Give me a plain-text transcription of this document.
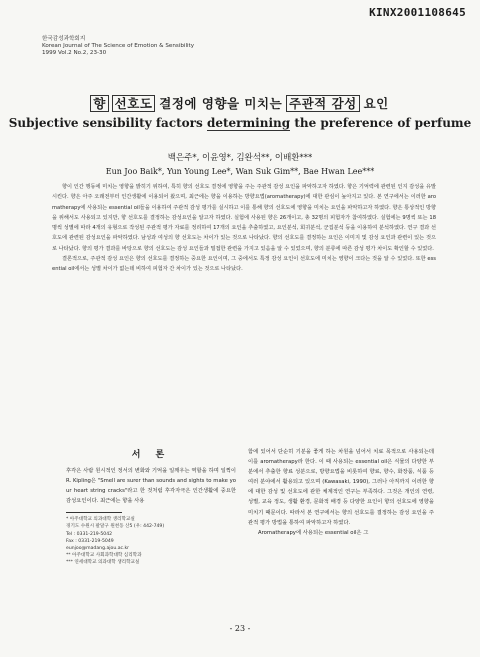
KINX2001108645
한국감성과학회지
Korean Journal of The Science of Emotion & Sensibility
1999 Vol.2 No.2, 23-30
향 선호도 결정에 영향을 미치는 주관적 감성 요인
Subjective sensibility factors determining the preference of perfume
백은주*, 이윤영*, 김완석**, 이배환***
Eun Joo Baik*, Yun Young Lee*, Wan Suk Gim**, Bae Hwan Lee***

향이 인간 행동에 미치는 영향을 밝히기 위하여, 특히 향의 선호도 결정에 영향을 주는 주관적 감성 요인을 파악하고자 하였다. 향은 기억력에 관련된 인지 감성을 유발시킨다. 향은 아주 오래전부터 인간생활에 이용되어 왔으며, 최근에는 향을 이용하는 방향요법(aromatherapy)에 대한 관심이 높아지고 있다. 본 연구에서는 이러한 aromatherapy에 사용되는 essential oil들을 이용하여 주관적 감성 평가를 실시하고 이를 통해 향의 선호도에 영향을 미치는 요인을 파악하고자 하였다. 향은 통상적인 방향을 위해서도 사용되고 있지만, 향 선호도를 결정하는 감성요인을 알고자 하였다. 실험에 사용된 향은 26개이고, 총 32명의 피험자가 참여하였다. 실험에는 9명씩 또는 18명씩 성별에 따라 4개의 유형으로 작성된 주관적 평가 자료를 정리하여 17개의 요인을 추출하였고, 요인분석, 회귀분석, 군집분석 등을 이용하여 분석하였다. 연구 결과 선호도에 관련된 감성요인을 파악하였다. 남성과 여성의 향 선호도는 차이가 있는 것으로 나타났다. 향의 선호도를 결정하는 요인은 이미지 및 감성 요인과 관련이 있는 것으로 나타났다. 향의 평가 결과를 바탕으로 향의 선호도는 감성 요인들과 밀접한 관련을 가지고 있음을 알 수 있었으며, 향의 분류에 따른 감성 평가 차이도 확인할 수 있었다.

결론적으로, 주관적 감성 요인은 향의 선호도를 결정하는 중요한 요인이며, 그 중에서도 특정 감성 요인이 선호도에 미치는 영향이 크다는 것을 알 수 있었다. 또한 essential oil에서는 성별 차이가 없는데 비하여 피험자 간 차이가 있는 것으로 나타났다.

서 론

후각은 사람 원시적인 정서의 변화와 기억을 일깨우는 역할을 하며 일찍이 R. Kipling은 "Smell are surer than sounds and sights to make your heart string cracks"라고 한 것처럼 후각자극은 인간생활에 중요한 감성요인이다. 최근에는 향을 사용

* 아주대학교 의과대학 생리학교실
경기도 수원시 팔달구 원천동 산5 (우: 442-749)
Tel : 0331-219-5042
Fax : 0331-219-5049
eunjoo@madang.ajou.ac.kr
** 아주대학교 사회과학대학 심리학과
*** 연세대학교 의과대학 생리학교실

함에 있어서 단순히 기분을 좋게 하는 차원을 넘어서 치료 목적으로 사용되는데 이를 aromatherapy라 한다. 이 때 사용되는 essential oil은 식물의 다양한 부분에서 추출한 향료 성분으로, 방향요법을 비롯하여 향료, 향수, 화장품, 식품 등 여러 분야에서 활용되고 있으며 (Kawasaki, 1990), 그러나 아직까지 이러한 향에 대한 감성 및 선호도에 관한 체계적인 연구는 부족하다. 그것은 개인의 연령, 성별, 교육 정도, 생활 환경, 문화적 배경 등 다양한 요인이 향의 선호도에 영향을 미치기 때문이다. 따라서 본 연구에서는 향의 선호도를 결정하는 감성 요인을 주관적 평가 방법을 통하여 파악하고자 하였다.

Aromatherapy에 사용되는 essential oil은 그

- 23 -
